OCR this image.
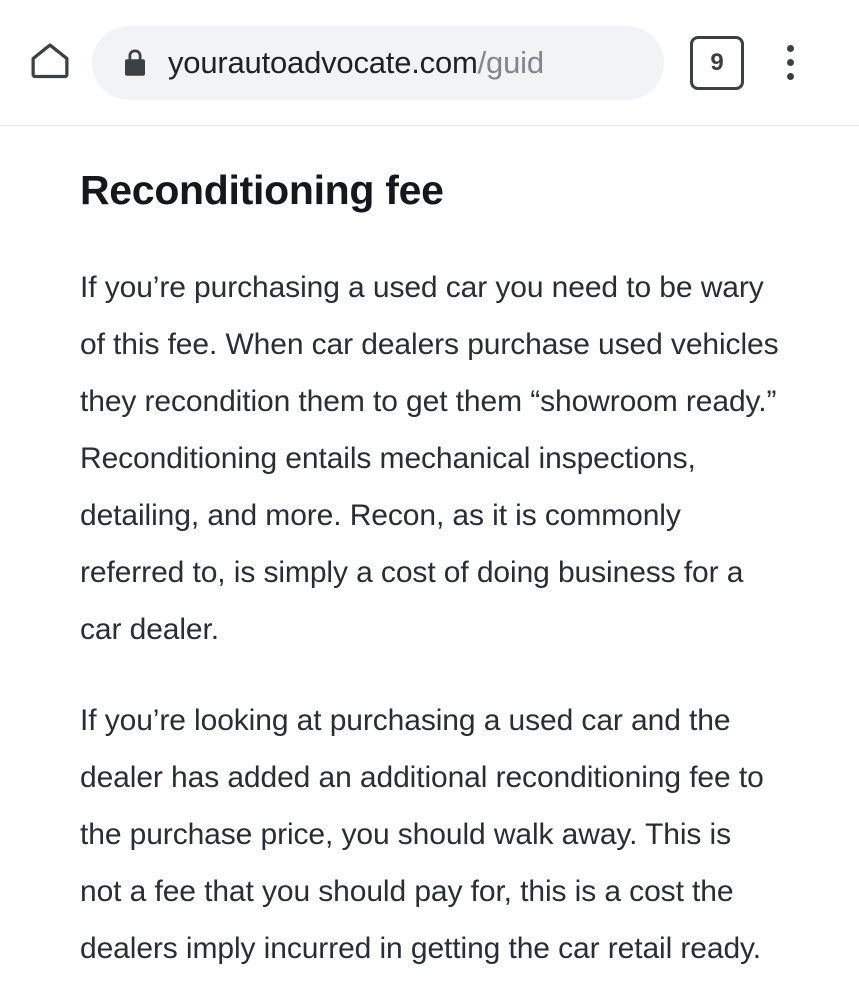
yourautoadvocate.com/guid	9
Reconditioning fee

If you’re purchasing a used car you need to be wary of this fee. When car dealers purchase used vehicles they recondition them to get them “showroom ready.” Reconditioning entails mechanical inspections, detailing, and more. Recon, as it is commonly referred to, is simply a cost of doing business for a car dealer.

If you’re looking at purchasing a used car and the dealer has added an additional reconditioning fee to the purchase price, you should walk away. This is not a fee that you should pay for, this is a cost the dealers imply incurred in getting the car retail ready.
